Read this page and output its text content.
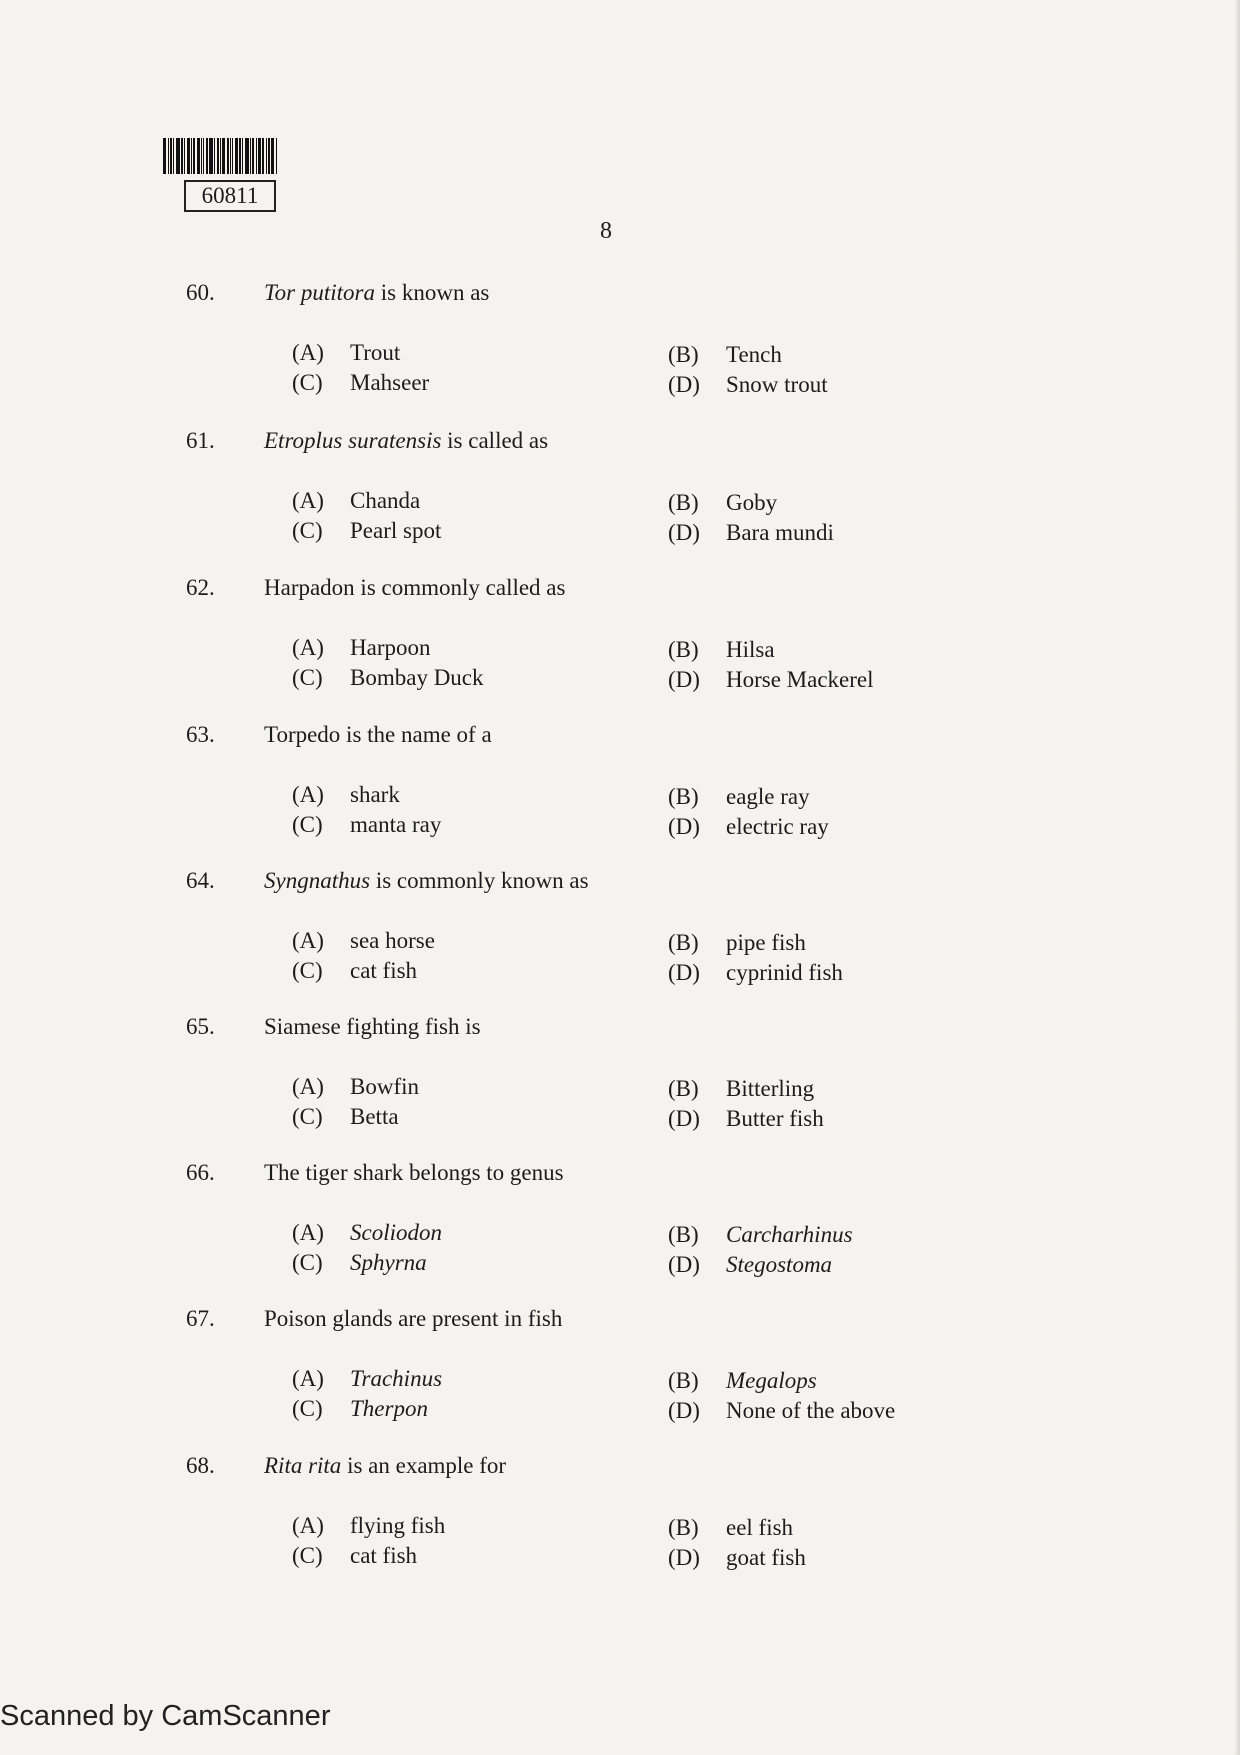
60811
8
60.	Tor putitora is known as
(A) Trout	(B) Tench
(C) Mahseer	(D) Snow trout
61.	Etroplus suratensis is called as
(A) Chanda	(B) Goby
(C) Pearl spot	(D) Bara mundi
62.	Harpadon is commonly called as
(A) Harpoon	(B) Hilsa
(C) Bombay Duck	(D) Horse Mackerel
63.	Torpedo is the name of a
(A) shark	(B) eagle ray
(C) manta ray	(D) electric ray
64.	Syngnathus is commonly known as
(A) sea horse	(B) pipe fish
(C) cat fish	(D) cyprinid fish
65.	Siamese fighting fish is
(A) Bowfin	(B) Bitterling
(C) Betta	(D) Butter fish
66.	The tiger shark belongs to genus
(A) Scoliodon	(B) Carcharhinus
(C) Sphyrna	(D) Stegostoma
67.	Poison glands are present in fish
(A) Trachinus	(B) Megalops
(C) Therpon	(D) None of the above
68.	Rita rita is an example for
(A) flying fish	(B) eel fish
(C) cat fish	(D) goat fish
Scanned by CamScanner
